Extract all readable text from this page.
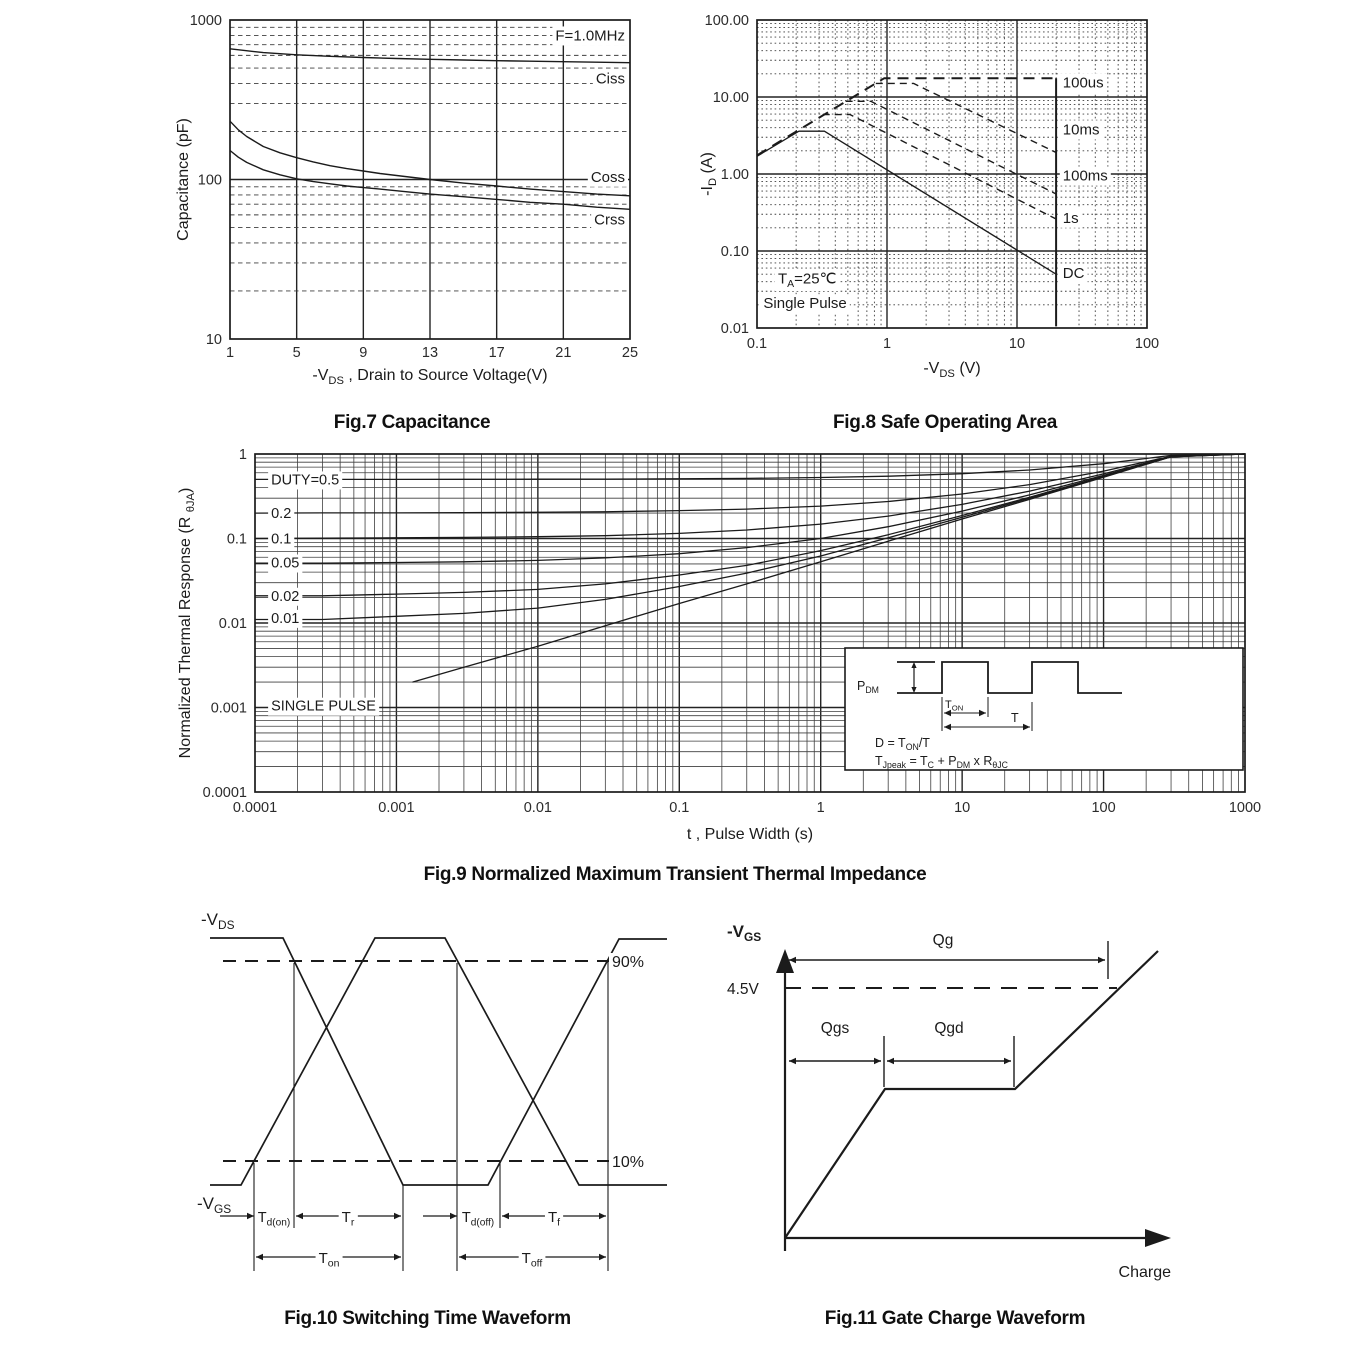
1	5	9	13	17	21	25
1000
100
10
$-V_{DS}$ , Drain to Source Voltage(V)
Capacitance (pF)
F=1.0MHz
Ciss
Coss
Crss
0.1	1	10	100
100.00
10.00
1.00
0.10
0.01
$-V_{DS}$ (V)
$-I_D$ (A)
100us
10ms
100ms
1s
DC
$T_A=25℃$
Single Pulse
Fig.7 Capacitance	Fig.8 Safe Operating Area
$P_{DM}$
$T_{ON}$
T
$D = T_{ON}/T$
$T_{Jpeak} = T_C + P_{DM}$ x $R_{\theta JC}$
0.0001	0.001	0.01	0.1	1	10	100	1000
1
0.1
0.01
0.001
0.0001
t , Pulse Width (s)
Normalized Thermal Response (R $_{\theta JA}$)
DUTY=0.5
0.2
0.1
0.05
0.02
0.01
SINGLE PULSE
Fig.9 Normalized Maximum Transient Thermal Impedance
$T_{d(on)}$	$T_r$	$T_{d(off)}$	$T_f$
$T_{on}$	$T_{off}$
$-V_{DS}$
$-V_{GS}$
90%
10%
Qg
Qgs	Qgd
$-V_{GS}$
4.5V
Charge
Fig.10 Switching Time Waveform	Fig.11 Gate Charge Waveform
